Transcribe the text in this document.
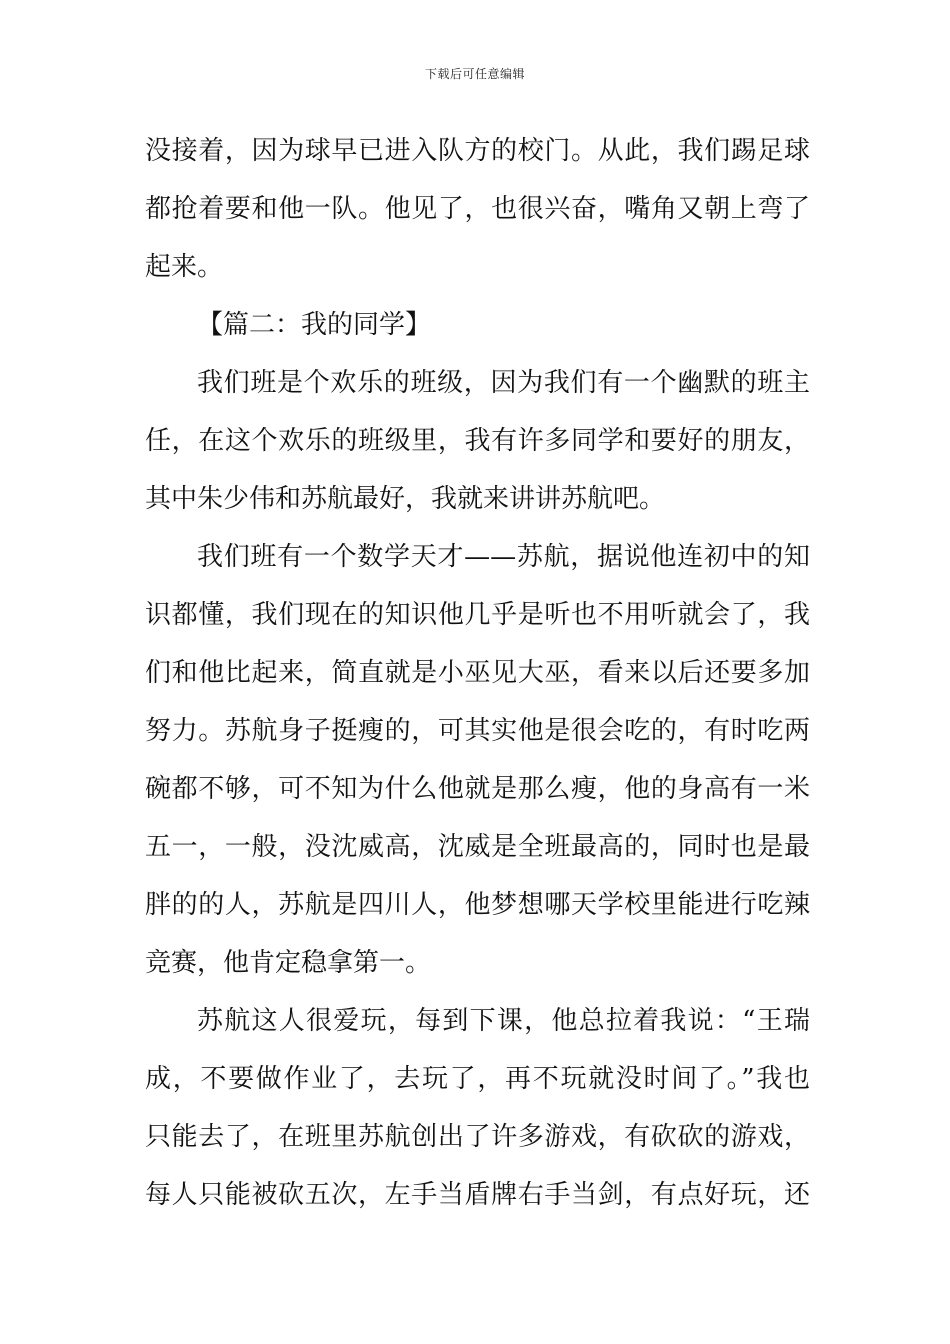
下载后可任意编辑
没接着，因为球早已进入队方的校门。从此，我们踢足球
都抢着要和他一队。他见了，也很兴奋，嘴角又朝上弯了
起来。
【篇二：我的同学】
我们班是个欢乐的班级，因为我们有一个幽默的班主
任，在这个欢乐的班级里，我有许多同学和要好的朋友，
其中朱少伟和苏航最好，我就来讲讲苏航吧。
我们班有一个数学天才——苏航，据说他连初中的知
识都懂，我们现在的知识他几乎是听也不用听就会了，我
们和他比起来，简直就是小巫见大巫，看来以后还要多加
努力。苏航身子挺瘦的，可其实他是很会吃的，有时吃两
碗都不够，可不知为什么他就是那么瘦，他的身高有一米
五一，一般，没沈威高，沈威是全班最高的，同时也是最
胖的的人，苏航是四川人，他梦想哪天学校里能进行吃辣
竞赛，他肯定稳拿第一。
苏航这人很爱玩，每到下课，他总拉着我说：“王瑞
成，不要做作业了，去玩了，再不玩就没时间了。”我也
只能去了，在班里苏航创出了许多游戏，有砍砍的游戏，
每人只能被砍五次，左手当盾牌右手当剑，有点好玩，还
